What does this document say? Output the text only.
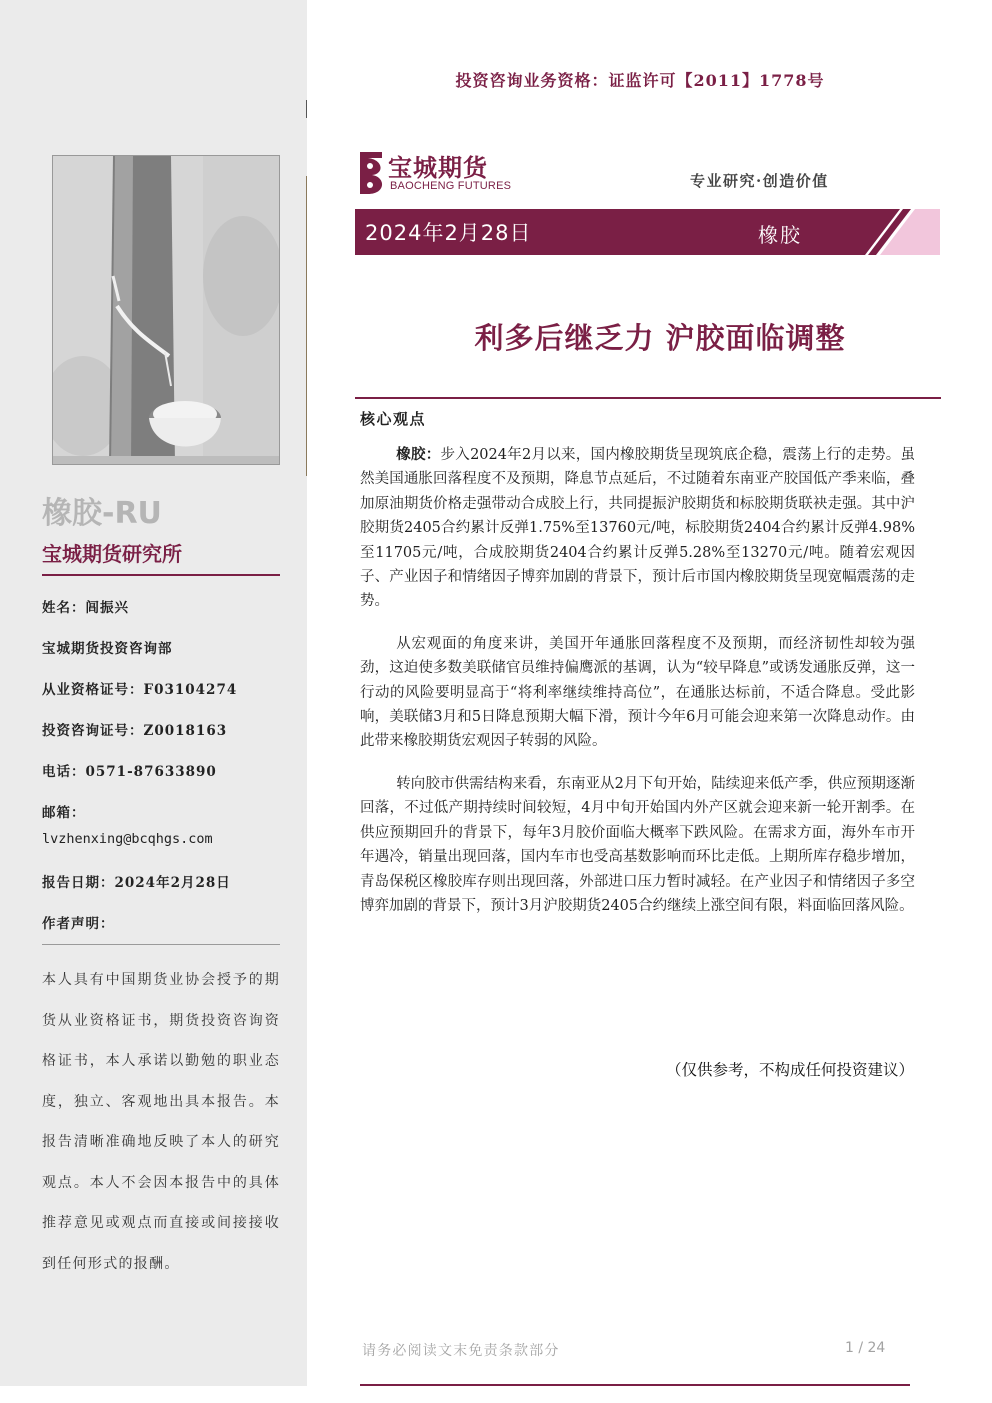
橡胶-RU
宝城期货研究所
姓名：闾振兴
宝城期货投资咨询部
从业资格证号：F03104274
投资咨询证号：Z0018163
电话：0571-87633890
邮箱：
lvzhenxing@bcqhgs.com
报告日期：2024年2月28日
作者声明：
本人具有中国期货业协会授予的期货从业资格证书，期货投资咨询资格证书，本人承诺以勤勉的职业态度，独立、客观地出具本报告。本报告清晰准确地反映了本人的研究观点。本人不会因本报告中的具体推荐意见或观点而直接或间接接收到任何形式的报酬。
投资咨询业务资格：证监许可【2011】1778号
宝城期货
BAOCHENG FUTURES	专业研究·创造价值
2024年2月28日	橡胶
利多后继乏力 沪胶面临调整
核心观点

橡胶：步入2024年2月以来，国内橡胶期货呈现筑底企稳，震荡上行的走势。虽然美国通胀回落程度不及预期，降息节点延后，不过随着东南亚产胶国低产季来临，叠加原油期货价格走强带动合成胶上行，共同提振沪胶期货和标胶期货联袂走强。其中沪胶期货2405合约累计反弹1.75%至13760元/吨，标胶期货2404合约累计反弹4.98%至11705元/吨，合成胶期货2404合约累计反弹5.28%至13270元/吨。随着宏观因子、产业因子和情绪因子博弈加剧的背景下，预计后市国内橡胶期货呈现宽幅震荡的走势。

从宏观面的角度来讲，美国开年通胀回落程度不及预期，而经济韧性却较为强劲，这迫使多数美联储官员维持偏鹰派的基调，认为“较早降息”或诱发通胀反弹，这一行动的风险要明显高于“将利率继续维持高位”，在通胀达标前，不适合降息。受此影响，美联储3月和5日降息预期大幅下滑，预计今年6月可能会迎来第一次降息动作。由此带来橡胶期货宏观因子转弱的风险。

转向胶市供需结构来看，东南亚从2月下旬开始，陆续迎来低产季，供应预期逐渐回落，不过低产期持续时间较短，4月中旬开始国内外产区就会迎来新一轮开割季。在供应预期回升的背景下，每年3月胶价面临大概率下跌风险。在需求方面，海外车市开年遇冷，销量出现回落，国内车市也受高基数影响而环比走低。上期所库存稳步增加，青岛保税区橡胶库存则出现回落，外部进口压力暂时减轻。在产业因子和情绪因子多空博弈加剧的背景下，预计3月沪胶期货2405合约继续上涨空间有限，料面临回落风险。

（仅供参考，不构成任何投资建议）
请务必阅读文末免责条款部分	1 / 24
